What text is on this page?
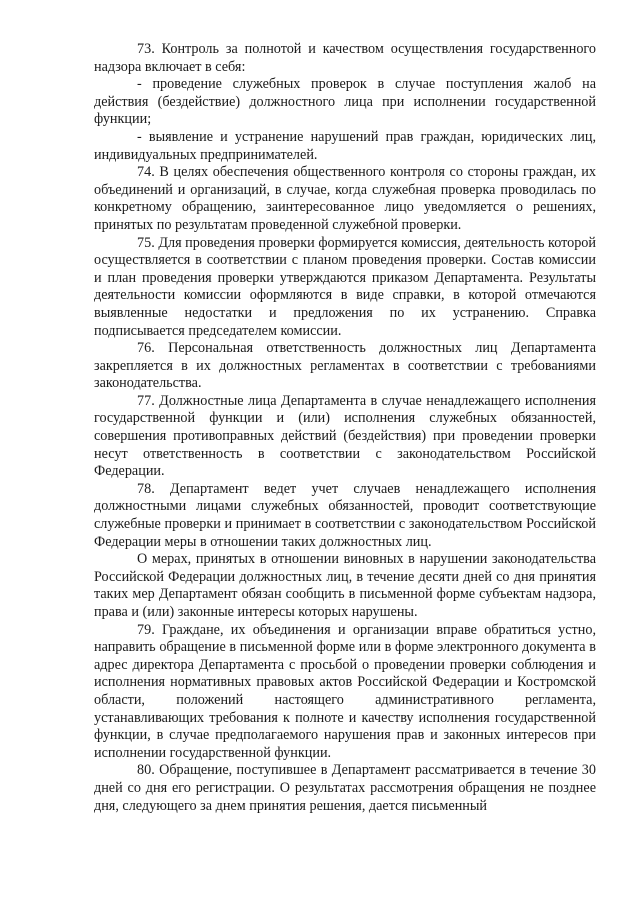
73. Контроль за полнотой и качеством осуществления государственного надзора включает в себя:

- проведение служебных проверок в случае поступления жалоб на действия (бездействие) должностного лица при исполнении государственной функции;

- выявление и устранение нарушений прав граждан, юридических лиц, индивидуальных предпринимателей.

74. В целях обеспечения общественного контроля со стороны граждан, их объединений и организаций, в случае, когда служебная проверка проводилась по конкретному обращению, заинтересованное лицо уведомляется о решениях, принятых по результатам проведенной служебной проверки.

75. Для проведения проверки формируется комиссия, деятельность которой осуществляется в соответствии с планом проведения проверки. Состав комиссии и план проведения проверки утверждаются приказом Департамента. Результаты деятельности комиссии оформляются в виде справки, в которой отмечаются выявленные недостатки и предложения по их устранению. Справка подписывается председателем комиссии.

76. Персональная ответственность должностных лиц Департамента закрепляется в их должностных регламентах в соответствии с требованиями законодательства.

77. Должностные лица Департамента в случае ненадлежащего исполнения государственной функции и (или) исполнения служебных обязанностей, совершения противоправных действий (бездействия) при проведении проверки несут ответственность в соответствии с законодательством Российской Федерации.

78. Департамент ведет учет случаев ненадлежащего исполнения должностными лицами служебных обязанностей, проводит соответствующие служебные проверки и принимает в соответствии с законодательством Российской Федерации меры в отношении таких должностных лиц.

О мерах, принятых в отношении виновных в нарушении законодательства Российской Федерации должностных лиц, в течение десяти дней со дня принятия таких мер Департамент обязан сообщить в письменной форме субъектам надзора, права и (или) законные интересы которых нарушены.

79. Граждане, их объединения и организации вправе обратиться устно, направить обращение в письменной форме или в форме электронного документа в адрес директора Департамента с просьбой о проведении проверки соблюдения и исполнения нормативных правовых актов Российской Федерации и Костромской области, положений настоящего административного регламента, устанавливающих требования к полноте и качеству исполнения государственной функции, в случае предполагаемого нарушения прав и законных интересов при исполнении государственной функции.

80. Обращение, поступившее в Департамент рассматривается в течение 30 дней со дня его регистрации. О результатах рассмотрения обращения не позднее дня, следующего за днем принятия решения, дается письменный
